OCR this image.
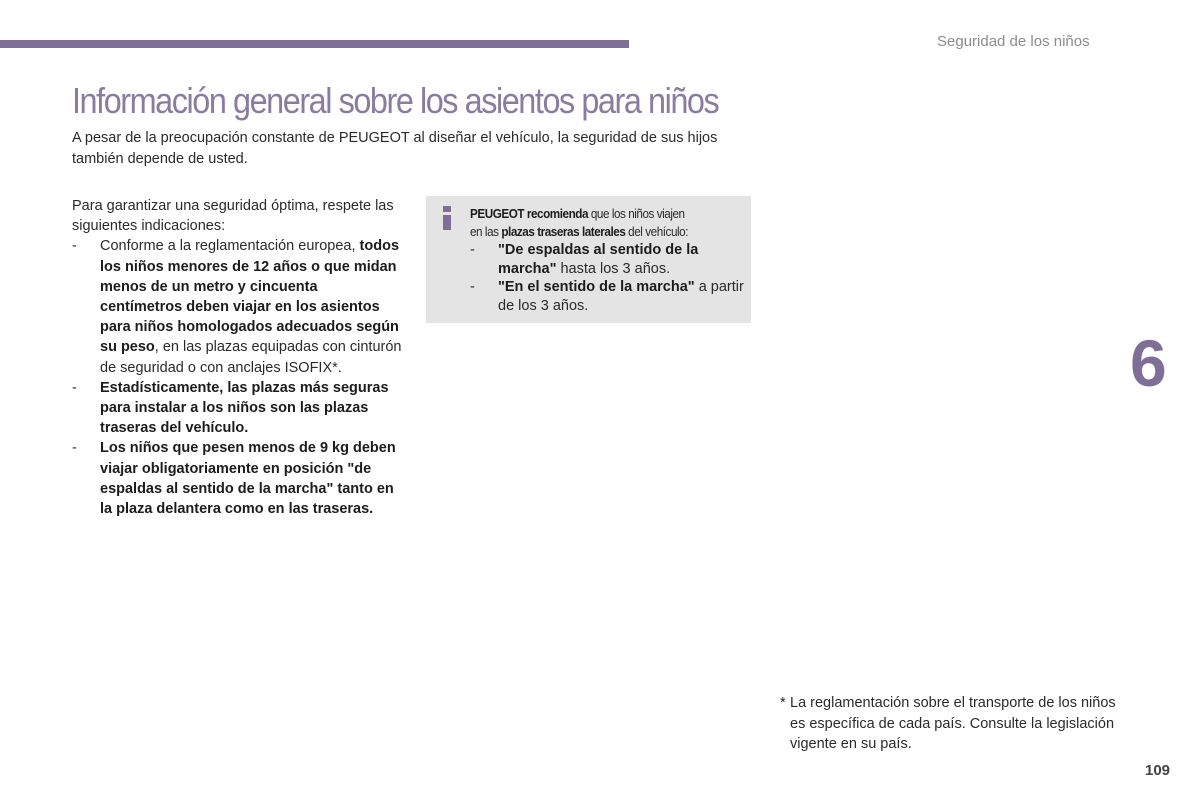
Seguridad de los niños
Información general sobre los asientos para niños
A pesar de la preocupación constante de PEUGEOT al diseñar el vehículo, la seguridad de sus hijos también depende de usted.

Para garantizar una seguridad óptima, respete las siguientes indicaciones:

- Conforme a la reglamentación europea, todos los niños menores de 12 años o que midan menos de un metro y cincuenta centímetros deben viajar en los asientos para niños homologados adecuados según su peso, en las plazas equipadas con cinturón de seguridad o con anclajes ISOFIX*.
- Estadísticamente, las plazas más seguras para instalar a los niños son las plazas traseras del vehículo.
- Los niños que pesen menos de 9 kg deben viajar obligatoriamente en posición "de espaldas al sentido de la marcha" tanto en la plaza delantera como en las traseras.
PEUGEOT recomienda que los niños viajen
en las plazas traseras laterales del vehículo:
- "De espaldas al sentido de la marcha" hasta los 3 años.
- "En el sentido de la marcha" a partir de los 3 años.
6
* La reglamentación sobre el transporte de los niños es específica de cada país. Consulte la legislación vigente en su país.
109
